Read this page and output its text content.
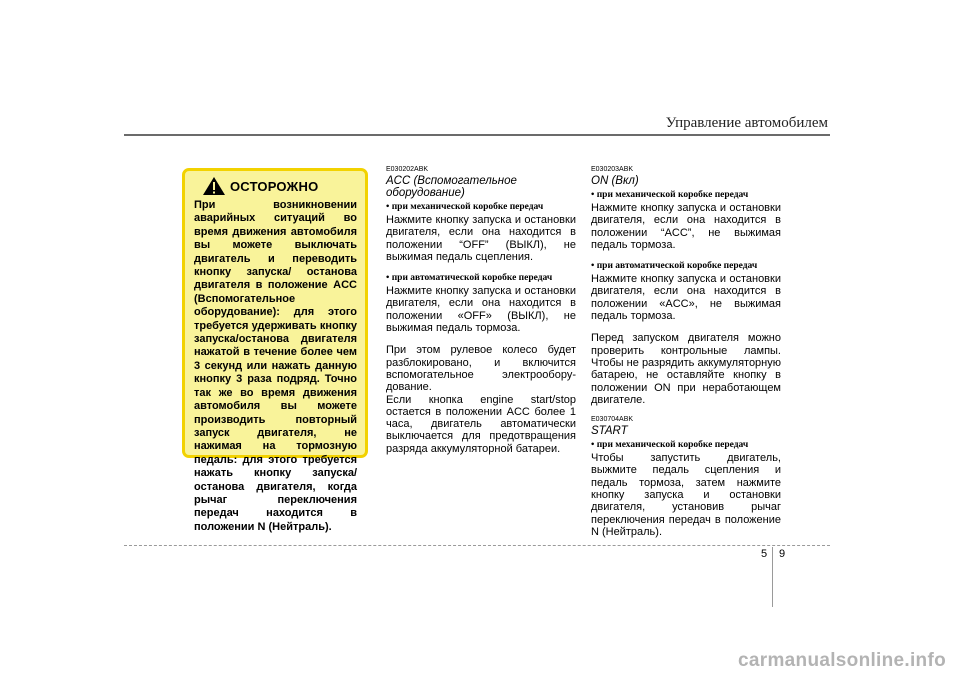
Управление автомобилем
ОСТОРОЖНО
При возникновении аварийных ситуаций во время движения автомобиля вы можете выключать двигатель и переводить кнопку запуска/ останова двигателя в положение ACC (Вспомогательное оборудование): для этого требуется удерживать кнопку запуска/останова двигателя нажатой в течение более чем 3 секунд или нажать данную кнопку 3 раза подряд. Точно так же во время движения автомобиля вы можете производить повторный запуск двигателя, не нажимая на тормозную педаль: для этого требуется нажать кнопку запуска/ останова двигателя, когда рычаг переключения передач находится в положении N (Нейтраль).
E030202ABK
ACC (Вспомогательное оборудование)
• при механической коробке передач
Нажмите кнопку запуска и остановки двигателя, если она находится в положении “OFF” (ВЫКЛ), не выжимая педаль сцепления.
• при автоматической коробке передач
Нажмите кнопку запуска и остановки двигателя, если она находится в положении «OFF» (ВЫКЛ), не выжимая педаль тормоза.
При этом рулевое колесо будет разблокировано, и включится вспомогательное электрообору- дование.
Если кнопка engine start/stop остается в положении ACC более 1 часа, двигатель автоматически выключается для предотвращения разряда аккумуляторной батареи.
E030203ABK
ON (Вкл)
• при механической коробке передач
Нажмите кнопку запуска и остановки двигателя, если она находится в положении “ACC”, не выжимая педаль тормоза.
• при автоматической коробке передач
Нажмите кнопку запуска и остановки двигателя, если она находится в положении «ACC», не выжимая педаль тормоза.
Перед запуском двигателя можно проверить контрольные лампы. Чтобы не разрядить аккумуляторную батарею, не оставляйте кнопку в положении ON при неработающем двигателе.
E030704ABK
START
• при механической коробке передач
Чтобы запустить двигатель, выжмите педаль сцепления и педаль тормоза, затем нажмите кнопку запуска и остановки двигателя, установив рычаг переключения передач в положение N (Нейтраль).
5 9
carmanualsonline.info
